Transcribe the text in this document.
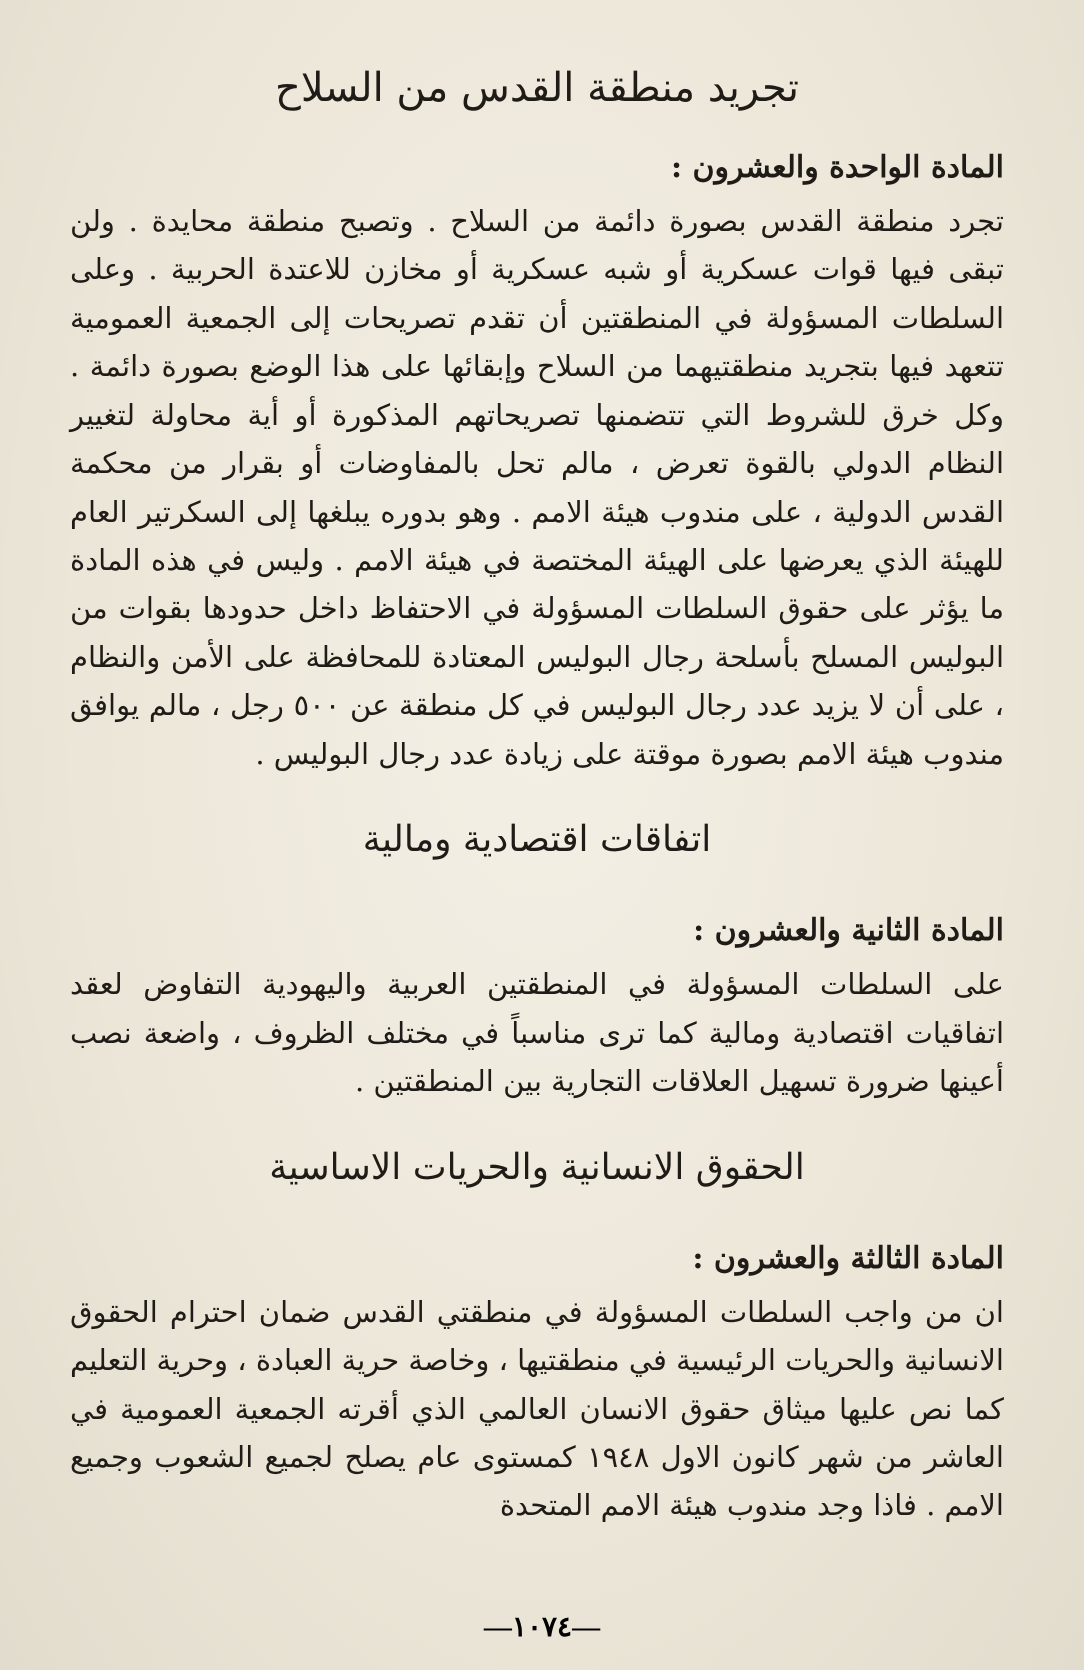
تجريد منطقة القدس من السلاح
المادة الواحدة والعشرون :

تجرد منطقة القدس بصورة دائمة من السلاح . وتصبح منطقة محايدة . ولن تبقى فيها قوات عسكرية أو شبه عسكرية أو مخازن للاعتدة الحربية . وعلى السلطات المسؤولة في المنطقتين أن تقدم تصريحات إلى الجمعية العمومية تتعهد فيها بتجريد منطقتيهما من السلاح وإبقائها على هذا الوضع بصورة دائمة . وكل خرق للشروط التي تتضمنها تصريحاتهم المذكورة أو أية محاولة لتغيير النظام الدولي بالقوة تعرض ، مالم تحل بالمفاوضات أو بقرار من محكمة القدس الدولية ، على مندوب هيئة الامم . وهو بدوره يبلغها إلى السكرتير العام للهيئة الذي يعرضها على الهيئة المختصة في هيئة الامم . وليس في هذه المادة ما يؤثر على حقوق السلطات المسؤولة في الاحتفاظ داخل حدودها بقوات من البوليس المسلح بأسلحة رجال البوليس المعتادة للمحافظة على الأمن والنظام ، على أن لا يزيد عدد رجال البوليس في كل منطقة عن ٥٠٠ رجل ، مالم يوافق مندوب هيئة الامم بصورة موقتة على زيادة عدد رجال البوليس .

اتفاقات اقتصادية ومالية
المادة الثانية والعشرون :

على السلطات المسؤولة في المنطقتين العربية واليهودية التفاوض لعقد اتفاقيات اقتصادية ومالية كما ترى مناسباً في مختلف الظروف ، واضعة نصب أعينها ضرورة تسهيل العلاقات التجارية بين المنطقتين .

الحقوق الانسانية والحريات الاساسية
المادة الثالثة والعشرون :

ان من واجب السلطات المسؤولة في منطقتي القدس ضمان احترام الحقوق الانسانية والحريات الرئيسية في منطقتيها ، وخاصة حرية العبادة ، وحرية التعليم كما نص عليها ميثاق حقوق الانسان العالمي الذي أقرته الجمعية العمومية في العاشر من شهر كانون الاول ١٩٤٨ كمستوى عام يصلح لجميع الشعوب وجميع الامم . فاذا وجد مندوب هيئة الامم المتحدة

—١٠٧٤—
